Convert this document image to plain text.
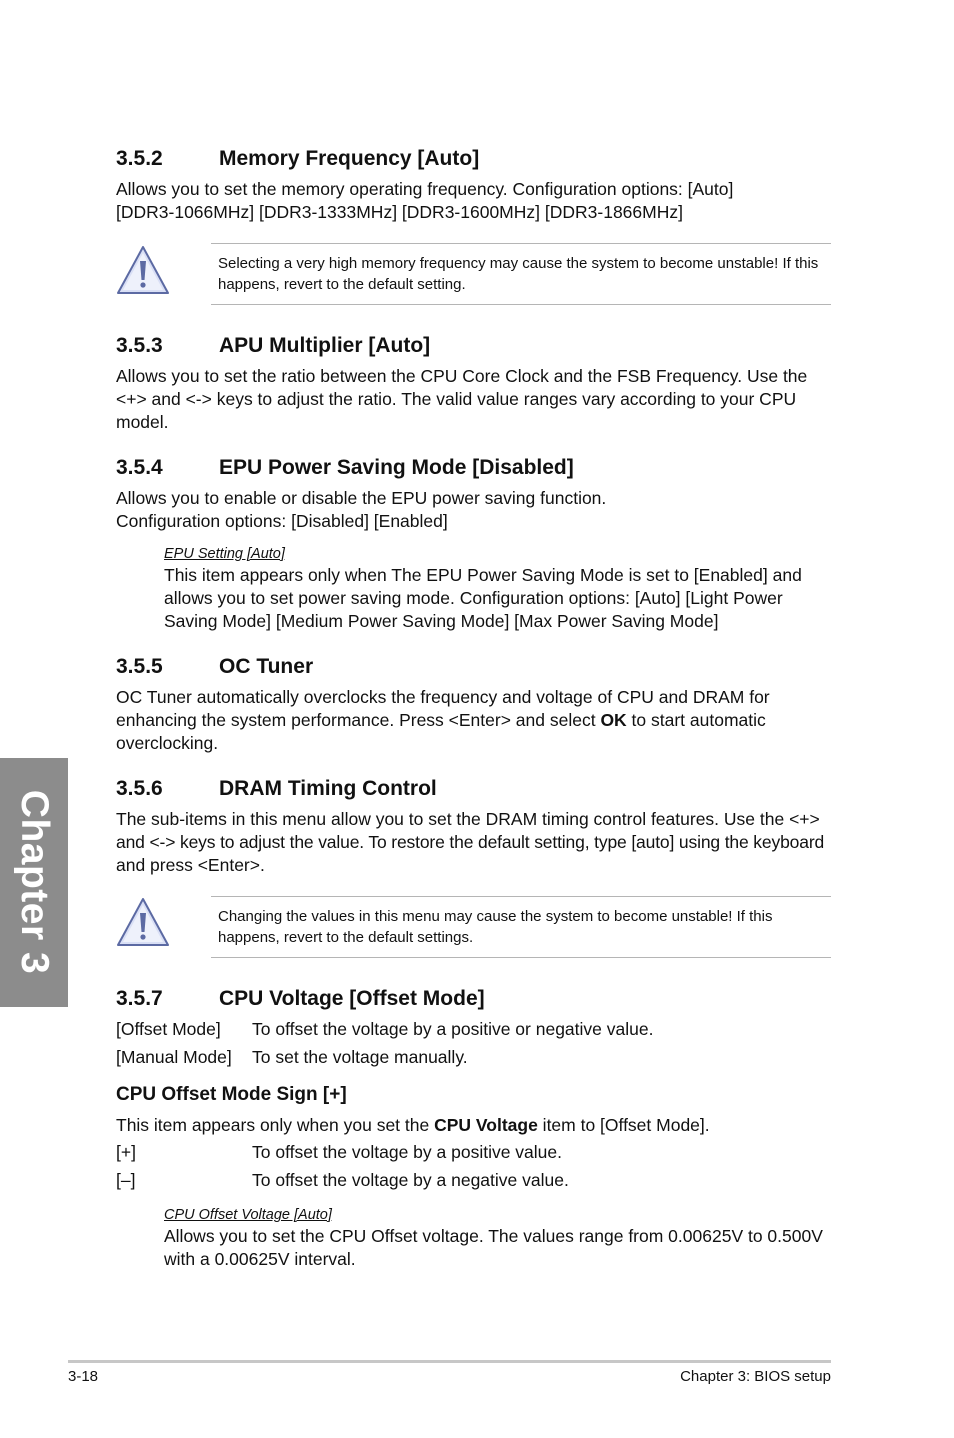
3.5.2	Memory Frequency [Auto]
Allows you to set the memory operating frequency. Configuration options: [Auto]
[DDR3-1066MHz] [DDR3-1333MHz] [DDR3-1600MHz] [DDR3-1866MHz]
Selecting a very high memory frequency may cause the system to become unstable! If this
happens, revert to the default setting.
3.5.3	APU Multiplier [Auto]
Allows you to set the ratio between the CPU Core Clock and the FSB Frequency. Use the
<+> and <-> keys to adjust the ratio. The valid value ranges vary according to your CPU
model.
3.5.4	EPU Power Saving Mode [Disabled]
Allows you to enable or disable the EPU power saving function.
Configuration options: [Disabled] [Enabled]
EPU Setting [Auto]
This item appears only when The EPU Power Saving Mode is set to [Enabled] and
allows you to set power saving mode. Configuration options: [Auto] [Light Power
Saving Mode] [Medium Power Saving Mode] [Max Power Saving Mode]
3.5.5	OC Tuner
OC Tuner automatically overclocks the frequency and voltage of CPU and DRAM for
enhancing the system performance. Press <Enter> and select OK to start automatic
overclocking.
3.5.6	DRAM Timing Control
The sub-items in this menu allow you to set the DRAM timing control features. Use the <+>
and <-> keys to adjust the value. To restore the default setting, type [auto] using the keyboard
and press <Enter>.
Changing the values in this menu may cause the system to become unstable! If this
happens, revert to the default settings.
3.5.7	CPU Voltage [Offset Mode]
[Offset Mode] To offset the voltage by a positive or negative value.
[Manual Mode] To set the voltage manually.
CPU Offset Mode Sign [+]
This item appears only when you set the CPU Voltage item to [Offset Mode].
[+]	To offset the voltage by a positive value.
[–]	To offset the voltage by a negative value.
CPU Offset Voltage [Auto]
Allows you to set the CPU Offset voltage. The values range from 0.00625V to 0.500V
with a 0.00625V interval.
Chapter 3
3-18	Chapter 3: BIOS setup
